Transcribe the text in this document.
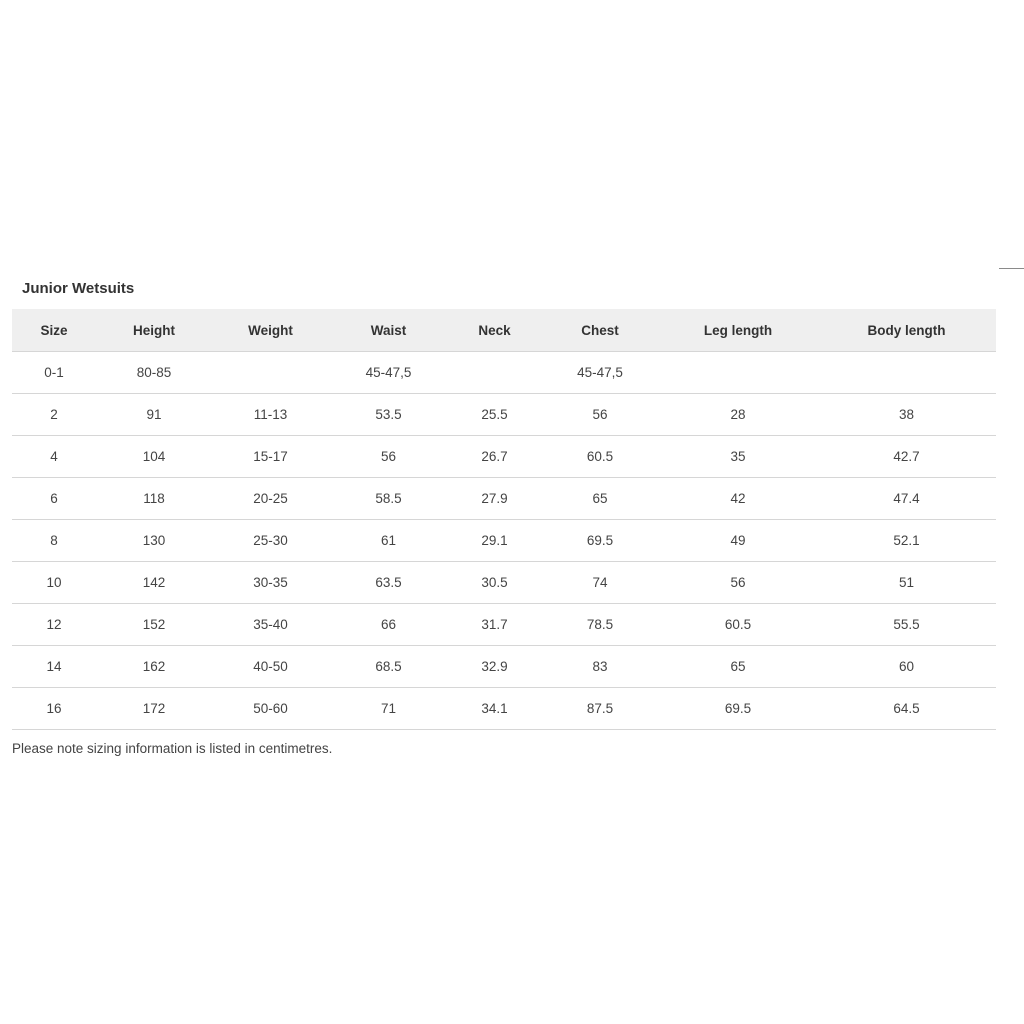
Junior Wetsuits
Size	Height	Weight	Waist	Neck	Chest	Leg length	Body length
0-1	80-85		45-47,5		45-47,5		
2	91	11-13	53.5	25.5	56	28	38
4	104	15-17	56	26.7	60.5	35	42.7
6	118	20-25	58.5	27.9	65	42	47.4
8	130	25-30	61	29.1	69.5	49	52.1
10	142	30-35	63.5	30.5	74	56	51
12	152	35-40	66	31.7	78.5	60.5	55.5
14	162	40-50	68.5	32.9	83	65	60
16	172	50-60	71	34.1	87.5	69.5	64.5

Please note sizing information is listed in centimetres.
